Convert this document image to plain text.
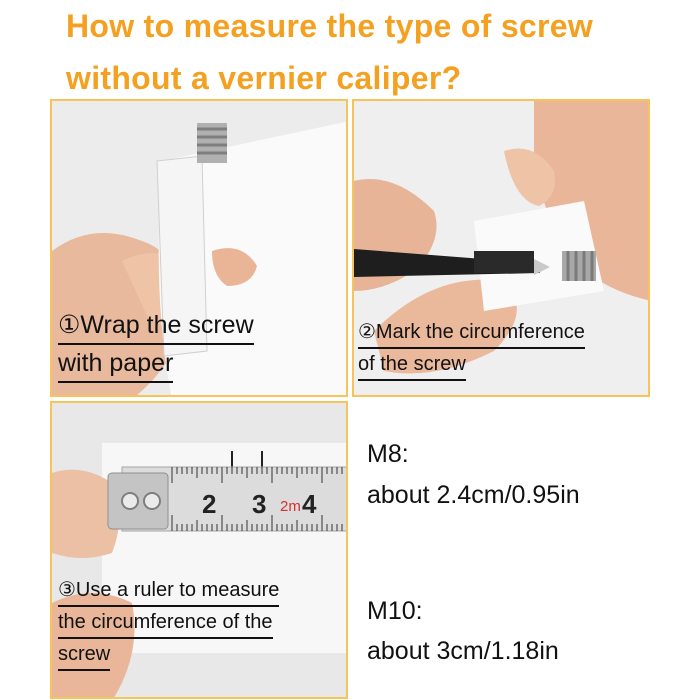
How to measure the type of screw
without a vernier caliper?
①Wrap the screw
with paper
②Mark the circumference
of the screw
2 3 2m 4
③Use a ruler to measure
the circumference of the
screw
M8:
about 2.4cm/0.95in
M10:
about 3cm/1.18in
